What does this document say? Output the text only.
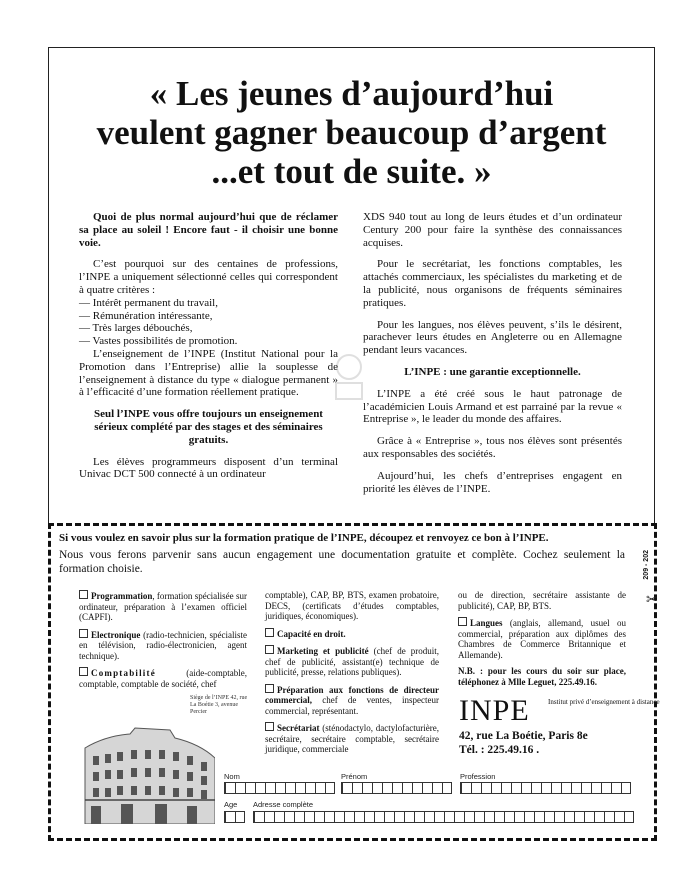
« Les jeunes d’aujourd’hui
veulent gagner beaucoup d’argent
...et tout de suite. »

Quoi de plus normal aujourd’hui que de réclamer sa place au soleil ! Encore faut - il choisir une bonne voie.

C’est pourquoi sur des centaines de professions, l’INPE a uniquement sélectionné celles qui correspondent à quatre critères :

— Intérêt permanent du travail,

— Rémunération intéressante,

— Très larges débouchés,

— Vastes possibilités de promotion.

L’enseignement de l’INPE (Institut National pour la Promotion dans l’Entreprise) allie la souplesse de l’enseignement à distance du type « dialogue permanent » à l’efficacité d’une formation réellement pratique.

Seul l’INPE vous offre toujours un enseignement sérieux complété par des stages et des séminaires gratuits.

Les élèves programmeurs disposent d’un terminal Univac DCT 500 connecté à un ordinateur

XDS 940 tout au long de leurs études et d’un ordinateur Century 200 pour faire la synthèse des connaissances acquises.

Pour le secrétariat, les fonctions comptables, les attachés commerciaux, les spécialistes du marketing et de la publicité, nous organisons de fréquents séminaires pratiques.

Pour les langues, nos élèves peuvent, s’ils le désirent, parachever leurs études en Angleterre ou en Allemagne pendant leurs vacances.

L’INPE : une garantie exceptionnelle.

L’INPE a été créé sous le haut patronage de l’académicien Louis Armand et est parrainé par la revue « Entreprise », le leader du monde des affaires.

Grâce à « Entreprise », tous nos élèves sont présentés aux responsables des sociétés.

Aujourd’hui, les chefs d’entreprises engagent en priorité les élèves de l’INPE.

Si vous voulez en savoir plus sur la formation pratique de l’INPE, découpez et renvoyez ce bon à l’INPE.
Nous vous ferons parvenir sans aucun engagement une documentation gratuite et complète. Cochez seulement la formation choisie.	209 - 202
✂

Programmation, formation spécialisée sur ordinateur, préparation à l’examen officiel (CAPFI).

Electronique (radio-technicien, spécialiste en télévision, radio-électronicien, agent technique).

Comptabilité (aide-comptable, comptable, comptable de société, chef

comptable), CAP, BP, BTS, examen probatoire, DECS, (certificats d’études comptables, juridiques, économiques).

Capacité en droit.

Marketing et publicité (chef de produit, chef de publicité, assistant(e) technique de publicité, presse, relations publiques).

Préparation aux fonctions de directeur commercial, chef de ventes, inspecteur commercial, représentant.

Secrétariat (sténodactylo, dactylofacturière, secrétaire, secrétaire comptable, secrétaire juridique, commerciale

ou de direction, secrétaire assistante de publicité), CAP, BP, BTS.

Langues (anglais, allemand, usuel ou commercial, préparation aux diplômes des Chambres de Commerce Britannique et Allemande).

N.B. : pour les cours du soir sur place, téléphonez à Mlle Leguet, 225.49.16.

Siège de l’INPE 42, rue La Boétie 3, avenue Percier	INPE	Institut privé d’enseignement à distance
42, rue La Boétie, Paris 8e
Tél. : 225.49.16 .
Nom	Prénom	Profession
Age Adresse complète
